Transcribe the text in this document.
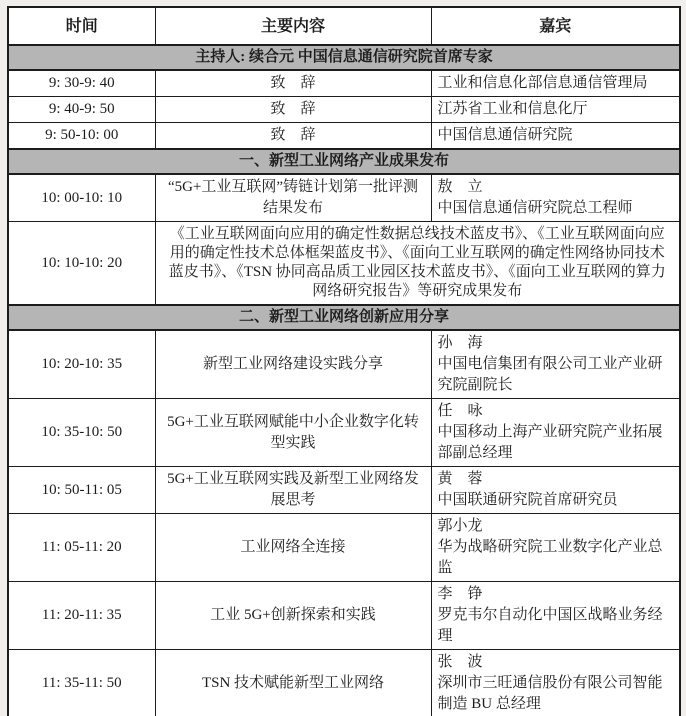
时间	主要内容	嘉宾
主持人: 续合元 中国信息通信研究院首席专家		
9: 30-9: 40	致　辞	工业和信息化部信息通信管理局

9: 40-9: 50	致　辞	江苏省工业和信息化厅

9: 50-10: 00	致　辞	中国信息通信研究院

一、新型工业网络产业成果发布		
10: 00-10: 10	“5G+工业互联网”铸链计划第一批评测结果发布	敖　立
中国信息通信研究院总工程师

10: 10-10: 20	《工业互联网面向应用的确定性数据总线技术蓝皮书》、《工业互联网面向应用的确定性技术总体框架蓝皮书》、《面向工业互联网的确定性网络协同技术蓝皮书》、《TSN 协同高品质工业园区技术蓝皮书》、《面向工业互联网的算力网络研究报告》等研究成果发布	
二、新型工业网络创新应用分享		
10: 20-10: 35	新型工业网络建设实践分享	孙　海
中国电信集团有限公司工业产业研究院副院长

10: 35-10: 50	5G+工业互联网赋能中小企业数字化转型实践	任　咏
中国移动上海产业研究院产业拓展部副总经理

10: 50-11: 05	5G+工业互联网实践及新型工业网络发展思考	黄　蓉
中国联通研究院首席研究员

11: 05-11: 20	工业网络全连接	郭小龙
华为战略研究院工业数字化产业总监

11: 20-11: 35	工业 5G+创新探索和实践	李　铮
罗克韦尔自动化中国区战略业务经理

11: 35-11: 50	TSN 技术赋能新型工业网络	张　波
深圳市三旺通信股份有限公司智能制造 BU 总经理
